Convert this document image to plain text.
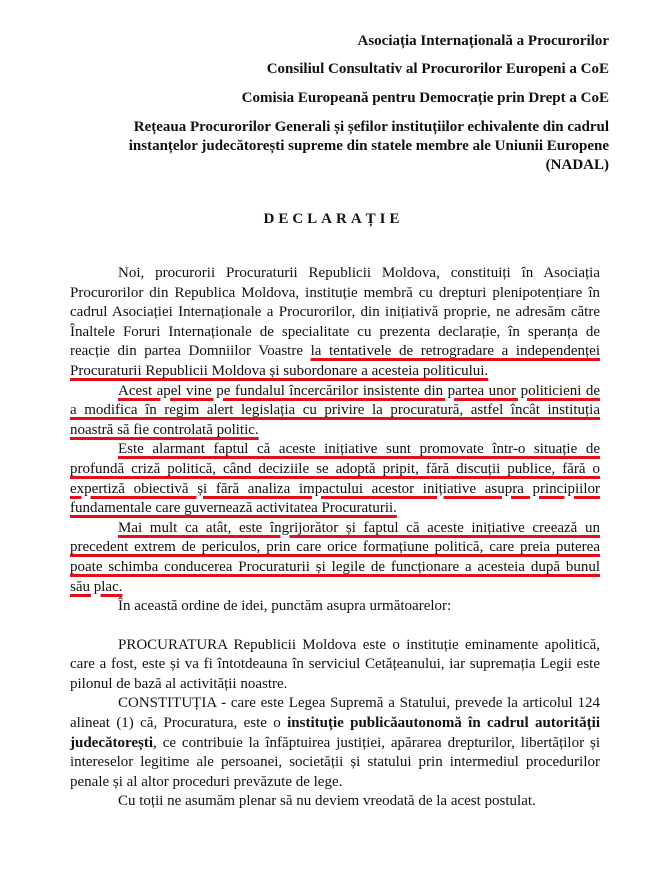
Asociația Internațională a Procurorilor
Consiliul Consultativ al Procurorilor Europeni a CoE
Comisia Europeană pentru Democrație prin Drept a CoE
Rețeaua Procurorilor Generali și șefilor instituțiilor echivalente din cadrul
instanțelor judecătorești supreme din statele membre ale Uniunii Europene
(NADAL)
DECLARAȚIE

Noi, procurorii Procuraturii Republicii Moldova, constituiți în Asociația Procurorilor din Republica Moldova, instituție membră cu drepturi plenipotențiare în cadrul Asociației Internaționale a Procurorilor, din inițiativă proprie, ne adresăm către Înaltele Foruri Internaționale de specialitate cu prezenta declarație, în speranța de reacție din partea Domniilor Voastre la tentativele de retrogradare a independenței Procuraturii Republicii Moldova și subordonare a acesteia politicului.

Acest apel vine pe fundalul încercărilor insistente din partea unor politicieni de a modifica în regim alert legislația cu privire la procuratură, astfel încât instituția noastră să fie controlată politic.

Este alarmant faptul că aceste inițiative sunt promovate într-o situație de profundă criză politică, când deciziile se adoptă pripit, fără discuții publice, fără o expertiză obiectivă și fără analiza impactului acestor inițiative asupra principiilor fundamentale care guvernează activitatea Procuraturii.

Mai mult ca atât, este îngrijorător și faptul că aceste inițiative creează un precedent extrem de periculos, prin care orice formațiune politică, care preia puterea poate schimba conducerea Procuraturii și legile de funcționare a acesteia după bunul său plac.

În această ordine de idei, punctăm asupra următoarelor:

PROCURATURA Republicii Moldova este o instituție eminamente apolitică, care a fost, este și va fi întotdeauna în serviciul Cetățeanului, iar supremația Legii este pilonul de bază al activității noastre.

CONSTITUȚIA - care este Legea Supremă a Statului, prevede la articolul 124 alineat (1) că, Procuratura, este o instituție publicăautonomă în cadrul autorității judecătorești, ce contribuie la înfăptuirea justiției, apărarea drepturilor, libertăților și intereselor legitime ale persoanei, societății și statului prin intermediul procedurilor penale și al altor proceduri prevăzute de lege.

Cu toții ne asumăm plenar să nu deviem vreodată de la acest postulat.
